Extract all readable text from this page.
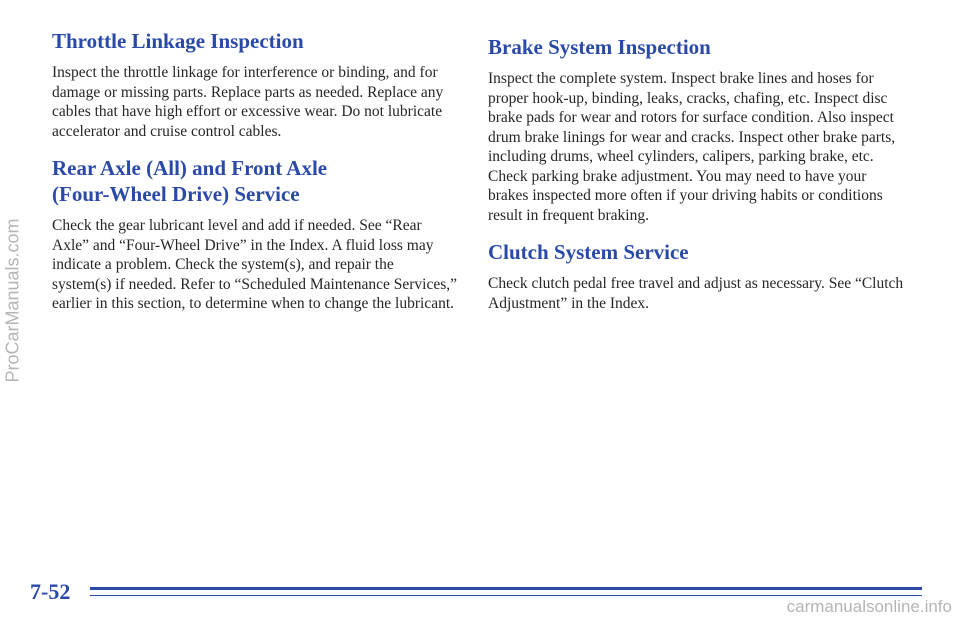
ProCarManuals.com
Throttle Linkage Inspection

Inspect the throttle linkage for interference or binding, and for damage or missing parts. Replace parts as needed. Replace any cables that have high effort or excessive wear. Do not lubricate accelerator and cruise control cables.

Rear Axle (All) and Front Axle
(Four-Wheel Drive) Service

Check the gear lubricant level and add if needed. See “Rear Axle” and “Four-Wheel Drive” in the Index. A fluid loss may indicate a problem. Check the system(s), and repair the system(s) if needed. Refer to “Scheduled Maintenance Services,” earlier in this section, to determine when to change the lubricant.

Brake System Inspection

Inspect the complete system. Inspect brake lines and hoses for proper hook-up, binding, leaks, cracks, chafing, etc. Inspect disc brake pads for wear and rotors for surface condition. Also inspect drum brake linings for wear and cracks. Inspect other brake parts, including drums, wheel cylinders, calipers, parking brake, etc. Check parking brake adjustment. You may need to have your brakes inspected more often if your driving habits or conditions result in frequent braking.

Clutch System Service

Check clutch pedal free travel and adjust as necessary. See “Clutch Adjustment” in the Index.

7-52
carmanualsonline.info
